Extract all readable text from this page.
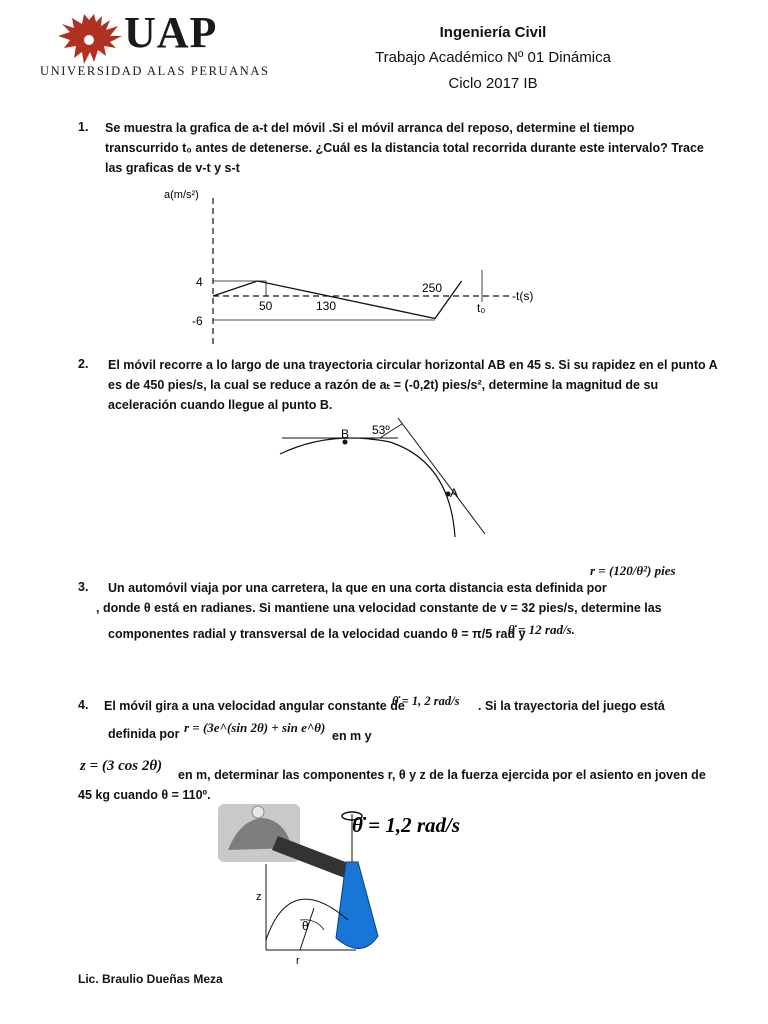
UAP
UNIVERSIDAD ALAS PERUANAS
Ingeniería Civil
Trabajo Académico Nº 01 Dinámica
Ciclo 2017 IB
1. Se muestra la grafica de a-t del móvil .Si el móvil arranca del reposo, determine el tiempo
transcurrido t₀ antes de detenerse. ¿Cuál es la distancia total recorrida durante este intervalo? Trace
las graficas de v-t y s-t
a(m/s²)
4
-6
50	130
250
t₀
-t(s)
2. El móvil recorre a lo largo de una trayectoria circular horizontal AB en 45 s. Si su rapidez en el punto A
es de 450 pies/s, la cual se reduce a razón de aₜ = (-0,2t) pies/s², determine la magnitud de su
aceleración cuando llegue al punto B.
B
A
53º
3. Un automóvil viaja por una carretera, la que en una corta distancia esta definida por
r = (120/θ²) pies
, donde θ está en radianes. Si mantiene una velocidad constante de v = 32 pies/s, determine las
componentes radial y transversal de la velocidad cuando θ = π/5 rad y
θ̇ = 12 rad/s.
4. El móvil gira a una velocidad angular constante de
θ̇ = 1, 2 rad/s . Si la trayectoria del juego está
definida por r = (3e^(sin 2θ) + sin e^θ)
en m y
z = (3 cos 2θ)
en m, determinar las componentes r, θ y z de la fuerza ejercida por el asiento en joven de
45 kg cuando θ = 110º.
θ̇ = 1,2 rad/s
z
θ
r
Lic. Braulio Dueñas Meza
